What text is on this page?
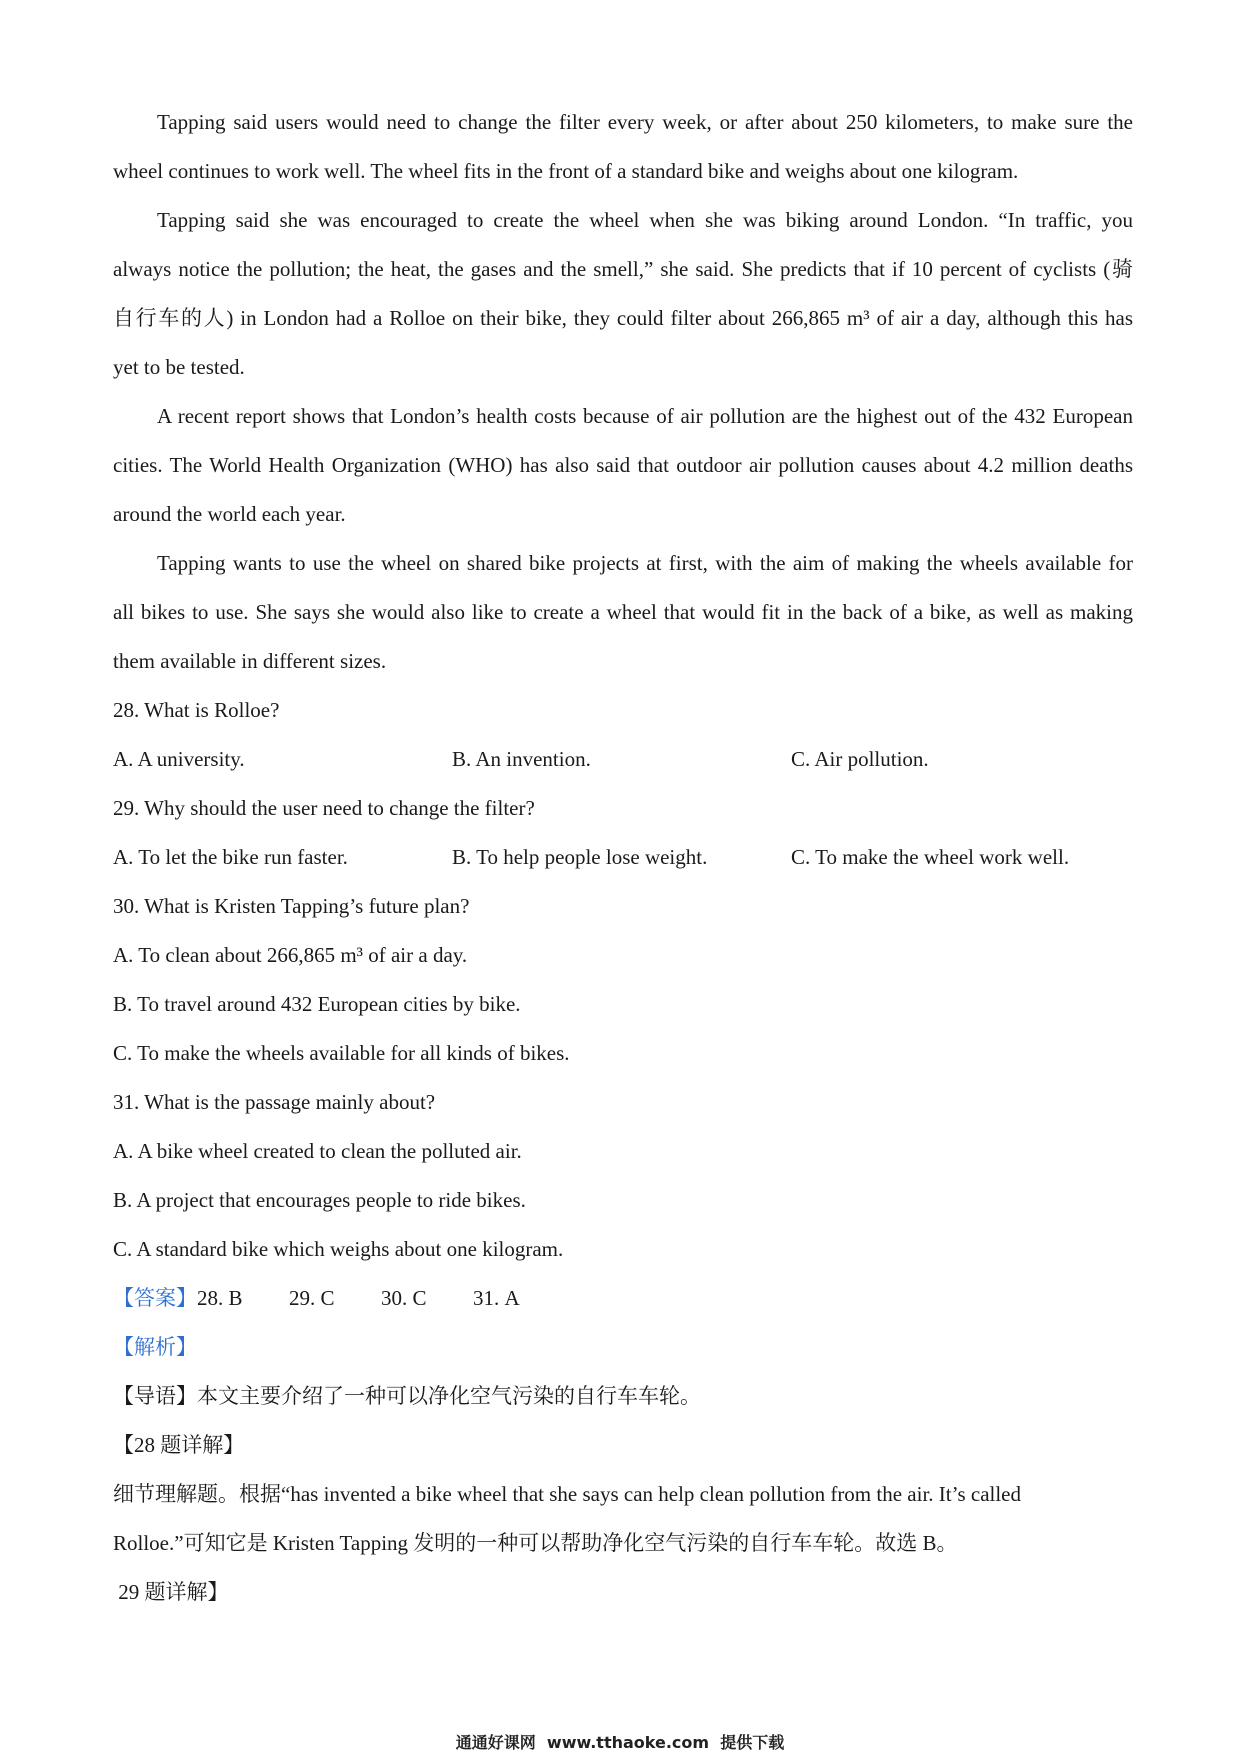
Tapping said users would need to change the filter every week, or after about 250 kilometers, to make sure the
wheel continues to work well. The wheel fits in the front of a standard bike and weighs about one kilogram.
Tapping said she was encouraged to create the wheel when she was biking around London. “In traffic, you
always notice the pollution; the heat, the gases and the smell,” she said. She predicts that if 10 percent of cyclists (骑
自行车的人) in London had a Rolloe on their bike, they could filter about 266,865 m³ of air a day, although this has
yet to be tested.
A recent report shows that London’s health costs because of air pollution are the highest out of the 432 European
cities. The World Health Organization (WHO) has also said that outdoor air pollution causes about 4.2 million deaths
around the world each year.
Tapping wants to use the wheel on shared bike projects at first, with the aim of making the wheels available for
all bikes to use. She says she would also like to create a wheel that would fit in the back of a bike, as well as making
them available in different sizes.
28. What is Rolloe?
A. A university.	B. An invention.	C. Air pollution.
29. Why should the user need to change the filter?
A. To let the bike run faster.	B. To help people lose weight.	C. To make the wheel work well.
30. What is Kristen Tapping’s future plan?
A. To clean about 266,865 m³ of air a day.
B. To travel around 432 European cities by bike.
C. To make the wheels available for all kinds of bikes.
31. What is the passage mainly about?
A. A bike wheel created to clean the polluted air.
B. A project that encourages people to ride bikes.
C. A standard bike which weighs about one kilogram.
【答案】28. B 29. C 30. C 31. A
【解析】
【导语】本文主要介绍了一种可以净化空气污染的自行车车轮。
【28 题详解】
细节理解题。根据“has invented a bike wheel that she says can help clean pollution from the air. It’s called
Rolloe.”可知它是 Kristen Tapping 发明的一种可以帮助净化空气污染的自行车车轮。故选 B。
29 题详解】
通通好课网  www.tthaoke.com  提供下载
